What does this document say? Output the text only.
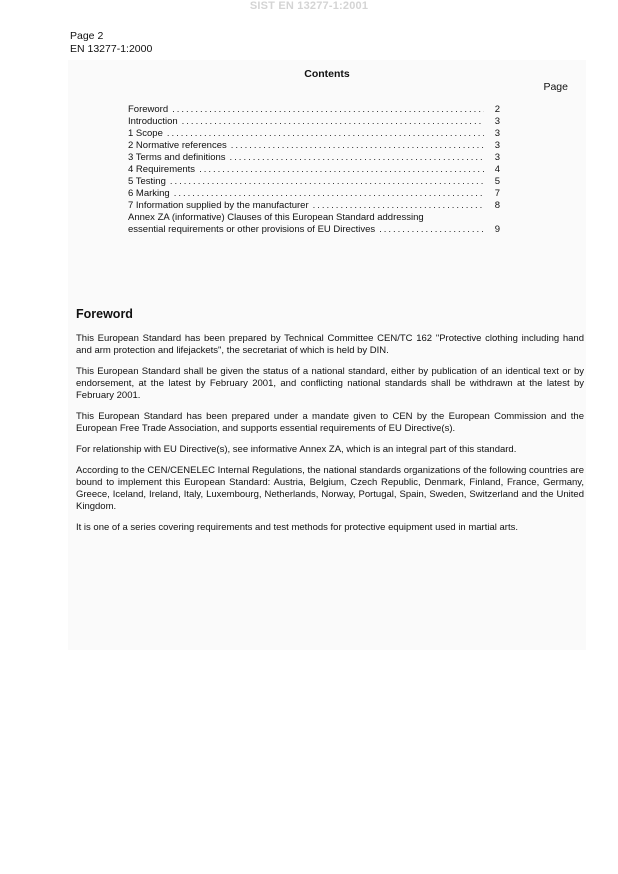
SIST EN 13277-1:2001
Page 2
EN 13277-1:2000
Contents
Page
Foreword .....	2
Introduction .....	3
1 Scope .....	3
2 Normative references .....	3
3 Terms and definitions .....	3
4 Requirements .....	4
5 Testing .....	5
6 Marking .....	7
7 Information supplied by the manufacturer .....	8
Annex ZA (informative) Clauses of this European Standard addressing
essential requirements or other provisions of EU Directives .....	9
Foreword

This European Standard has been prepared by Technical Committee CEN/TC 162 "Protective clothing including hand and arm protection and lifejackets", the secretariat of which is held by DIN.

This European Standard shall be given the status of a national standard, either by publication of an identical text or by endorsement, at the latest by February 2001, and conflicting national standards shall be withdrawn at the latest by February 2001.

This European Standard has been prepared under a mandate given to CEN by the European Commission and the European Free Trade Association, and supports essential requirements of EU Directive(s).

For relationship with EU Directive(s), see informative Annex ZA, which is an integral part of this standard.

According to the CEN/CENELEC Internal Regulations, the national standards organizations of the following countries are bound to implement this European Standard: Austria, Belgium, Czech Republic, Denmark, Finland, France, Germany, Greece, Iceland, Ireland, Italy, Luxembourg, Netherlands, Norway, Portugal, Spain, Sweden, Switzerland and the United Kingdom.

It is one of a series covering requirements and test methods for protective equipment used in martial arts.
